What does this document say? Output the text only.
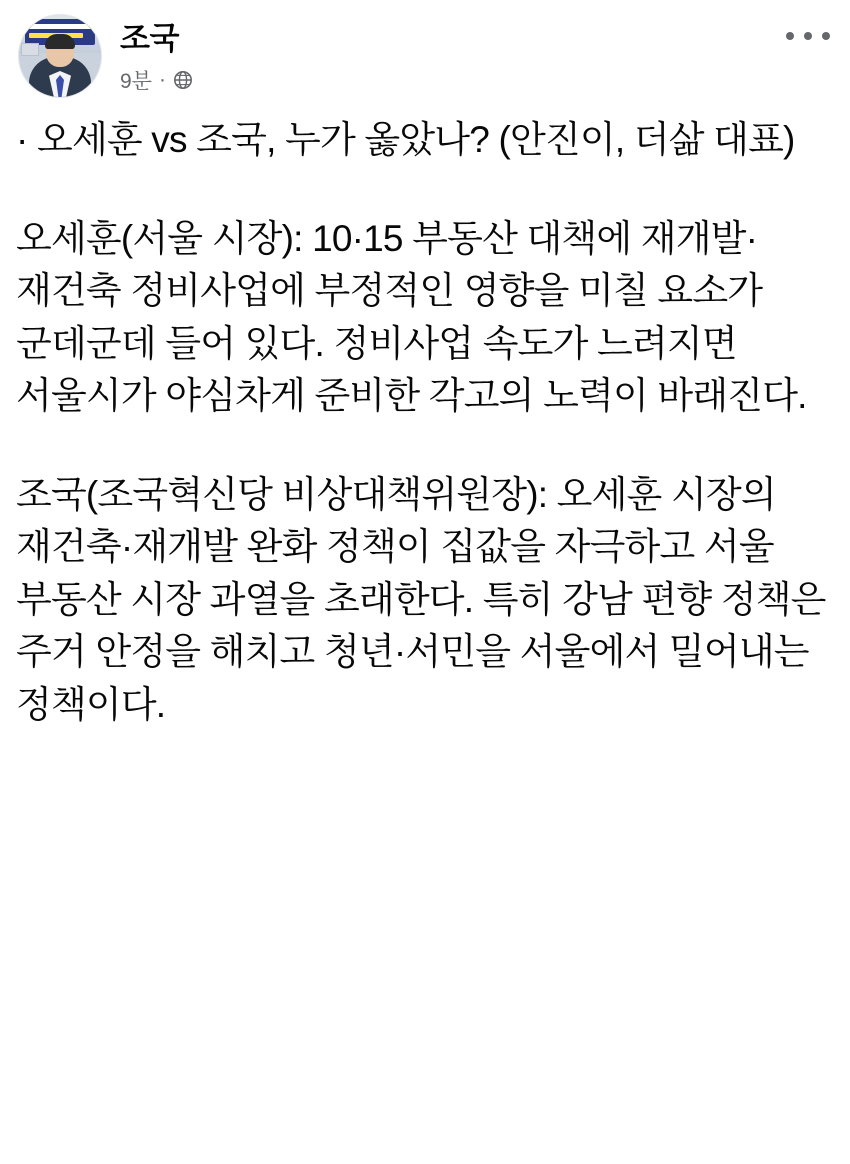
조국
9분 ·

· 오세훈 vs 조국, 누가 옳았나? (안진이, 더삶 대표)

오세훈(서울 시장): 10·15 부동산 대책에 재개발·재건축 정비사업에 부정적인 영향을 미칠 요소가 군데군데 들어 있다. 정비사업 속도가 느려지면 서울시가 야심차게 준비한 각고의 노력이 바래진다.

조국(조국혁신당 비상대책위원장): 오세훈 시장의 재건축·재개발 완화 정책이 집값을 자극하고 서울 부동산 시장 과열을 초래한다. 특히 강남 편향 정책은 주거 안정을 해치고 청년·서민을 서울에서 밀어내는 정책이다.
